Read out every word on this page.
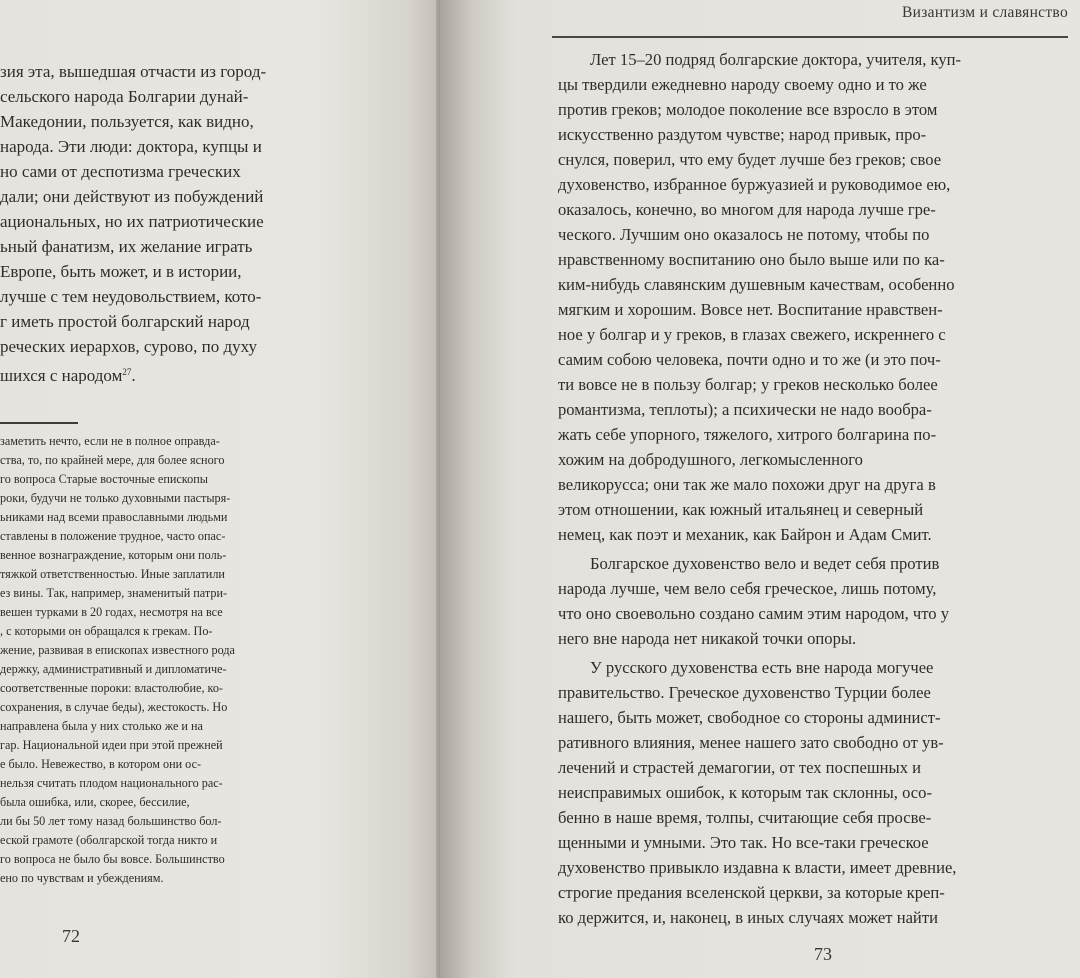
зия эта, вышедшая отчасти из город-
сельского народа Болгарии дунай-
Македонии, пользуется, как видно,
народа. Эти люди: доктора, купцы и
но сами от деспотизма греческих
дали; они действуют из побуждений
ациональных, но их патриотические
ьный фанатизм, их желание играть
Европе, быть может, и в истории,
лучше с тем неудовольствием, кото-
г иметь простой болгарский народ
реческих иерархов, сурово, по духу
шихся с народом$^{27}$.
заметить нечто, если не в полное оправда-
ства, то, по крайней мере, для более ясного
го вопроса Старые восточные епископы
роки, будучи не только духовными пастыря-
ьниками над всеми православными людьми
ставлены в положение трудное, часто опас-
венное вознаграждение, которым они поль-
тяжкой ответственностью. Иные заплатили
ез вины. Так, например, знаменитый патри-
вешен турками в 20 годах, несмотря на все
, с которыми он обращался к грекам. По-
жение, развивая в епископах известного рода
держку, административный и дипломатиче-
соответственные пороки: властолюбие, ко-
сохранения, в случае беды), жестокость. Но
направлена была у них столько же и на
гар. Национальной идеи при этой прежней
е было. Невежество, в котором они ос-
нельзя считать плодом национального рас-
была ошибка, или, скорее, бессилие,
ли бы 50 лет тому назад большинство бол-
еской грамоте (оболгарской тогда никто и
го вопроса не было бы вовсе. Большинство
ено по чувствам и убеждениям.
72
Византизм и славянство
Лет 15–20 подряд болгарские доктора, учителя, куп-
цы твердили ежедневно народу своему одно и то же
против греков; молодое поколение все взросло в этом
искусственно раздутом чувстве; народ привык, про-
снулся, поверил, что ему будет лучше без греков; свое
духовенство, избранное буржуазией и руководимое ею,
оказалось, конечно, во многом для народа лучше гре-
ческого. Лучшим оно оказалось не потому, чтобы по
нравственному воспитанию оно было выше или по ка-
ким-нибудь славянским душевным качествам, особенно
мягким и хорошим. Вовсе нет. Воспитание нравствен-
ное у болгар и у греков, в глазах свежего, искреннего с
самим собою человека, почти одно и то же (и это поч-
ти вовсе не в пользу болгар; у греков несколько более
романтизма, теплоты); а психически не надо вообра-
жать себе упорного, тяжелого, хитрого болгарина по-
хожим на добродушного, легкомысленного
великорусса; они так же мало похожи друг на друга в
этом отношении, как южный итальянец и северный
немец, как поэт и механик, как Байрон и Адам Смит.
Болгарское духовенство вело и ведет себя против
народа лучше, чем вело себя греческое, лишь потому,
что оно своевольно создано самим этим народом, что у
него вне народа нет никакой точки опоры.
У русского духовенства есть вне народа могучее
правительство. Греческое духовенство Турции более
нашего, быть может, свободное со стороны админист-
ративного влияния, менее нашего зато свободно от ув-
лечений и страстей демагогии, от тех поспешных и
неисправимых ошибок, к которым так склонны, осо-
бенно в наше время, толпы, считающие себя просве-
щенными и умными. Это так. Но все-таки греческое
духовенство привыкло издавна к власти, имеет древние,
строгие предания вселенской церкви, за которые креп-
ко держится, и, наконец, в иных случаях может найти
73
